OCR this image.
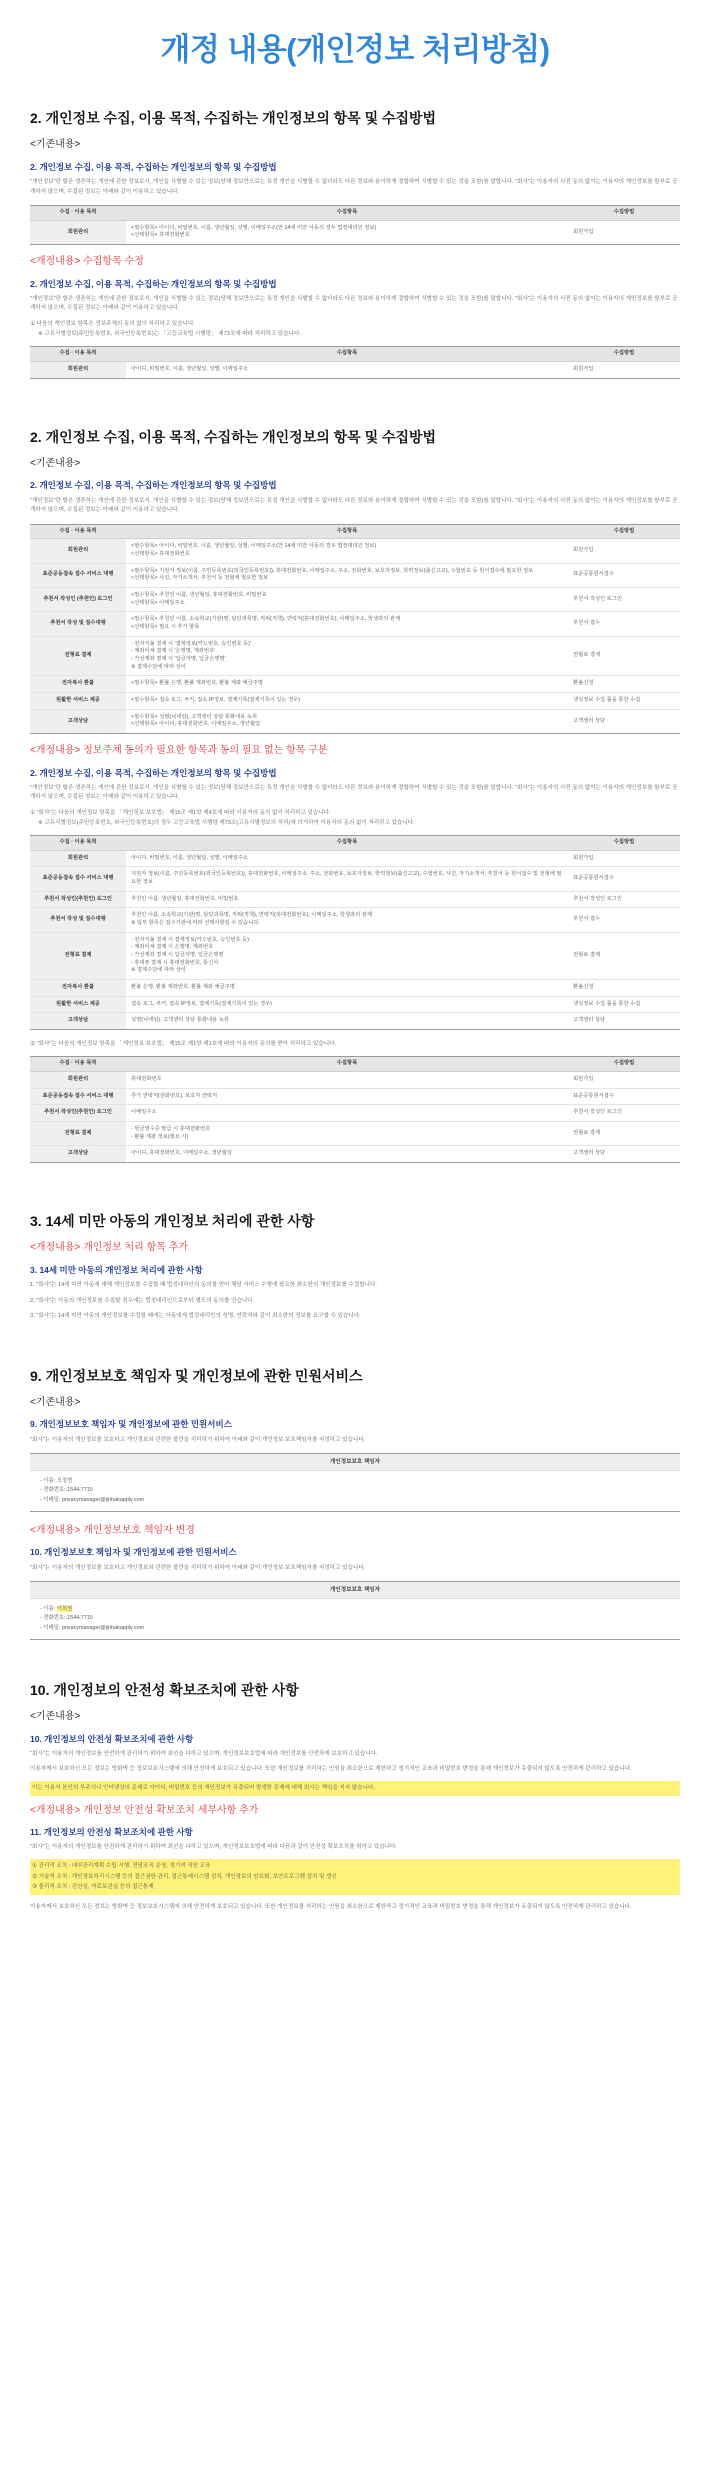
개정 내용(개인정보 처리방침)
2. 개인정보 수집, 이용 목적, 수집하는 개인정보의 항목 및 수집방법
<기존내용>
2. 개인정보 수집, 이용 목적, 수집하는 개인정보의 항목 및 수집방법
"개인정보"란 할은 생존하는 개인에 관한 정보로서, 개인을 식별할 수 있는 정보(당해 정보만으로는 특정 개인을 식별할 수 없더라도 다른 정보와 용이하게 결합하여 식별할 수 있는 것을 포함)를 말합니다. "회사"는 이용자의 사전 동의 없이는 이용자의 개인정보를 함부로 공개하지 않으며, 수집된 정보는 아래와 같이 이용하고 있습니다.
수집 · 이용 목적	수집항목	수집방법
회원관리	<필수항목> 아이디, 비밀번호, 이름, 생년월일, 성별, 이메일주소(만 14세 미만 아동의 경우 법정대리인 정보)
<선택항목> 휴대전화번호	회원가입
<개정내용> 수집항목 수정
2. 개인정보 수집, 이용 목적, 수집하는 개인정보의 항목 및 수집방법
"개인정보"란 할은 생존하는 개인에 관한 정보로서, 개인을 식별할 수 있는 정보(당해 정보만으로는 특정 개인을 식별할 수 없더라도 다른 정보와 용이하게 결합하여 식별할 수 있는 것을 포함)를 말합니다. "회사"는 이용자의 사전 동의 없이는 이용자의 개인정보를 함부로 공개하지 않으며, 수집된 정보는 아래와 같이 이용하고 있습니다.
① 다음의 개인정보 항목은 정보주체의 동의 없이 처리하고 있습니다.
※ 고유식별정보(주민등록번호, 외국인등록번호)는 「고등교육법 시행령」 제73조에 따라 처리하고 있습니다.
수집 · 이용 목적	수집항목	수집방법
회원관리	아이디, 비밀번호, 이름, 생년월일, 성별, 이메일주소	회원가입
2. 개인정보 수집, 이용 목적, 수집하는 개인정보의 항목 및 수집방법
<기존내용>
2. 개인정보 수집, 이용 목적, 수집하는 개인정보의 항목 및 수집방법
"개인정보"란 할은 생존하는 개인에 관한 정보로서, 개인을 식별할 수 있는 정보(당해 정보만으로는 특정 개인을 식별할 수 없더라도 다른 정보와 용이하게 결합하여 식별할 수 있는 것을 포함)를 말합니다. "회사"는 이용자의 사전 동의 없이는 이용자의 개인정보를 함부로 공개하지 않으며, 수집된 정보는 아래와 같이 이용하고 있습니다.
수집 · 이용 목적	수집항목	수집방법
회원관리	<필수항목> 아이디, 비밀번호, 이름, 생년월일, 성별, 이메일주소(만 14세 미만 아동의 경우 법정대리인 정보)
<선택항목> 휴대전화번호	회원가입
표준공동접속 접수 서비스 대행	<필수항목> 지원자 정보(이름, 주민등록번호(외국인등록번호)), 휴대전화번호, 이메일주소, 주소, 전화번호, 보호자정보, 학력정보(출신고교), 수험번호 등 원서접수에 필요한 정보
<선택항목> 사진, 자기소개서, 추천서 등 전형에 필요한 정보	표준공통원서접수
추천서 작성인 (추천인) 로그인	<필수항목> 추천인 이름, 생년월일, 휴대전화번호, 비밀번호
<선택항목> 이메일주소	추천서 작성인 로그인
추천서 작성 및 접수대행	<필수항목> 추천인 이름, 소속학교(기관)명, 담당과목명, 직위(직책), 연락처(휴대전화번호), 이메일주소, 학생과의 관계
<선택항목> 필요 시 추가 항목	추천서 접수
전형료 결제	- 전자지불 결제 시 '결제정보(카드번호, 승인번호 등)'
- 계좌이체 결제 시 '은행명, 계좌번호'
- 가상계좌 결제 시 '입금자명, 입금은행명'
※ 결제수단에 따라 상이	전형료 결제
전자복사 환불	<필수항목> 환불 은행, 환불 계좌번호, 환불 계좌 예금주명	환불신청
원활한 서비스 제공	<필수항목> 접속 로그, 쿠키, 접속 IP정보, 결제기록(결제기록이 있는 경우)	생성정보 수집 툴을 통한 수집
고객상담	<필수항목> 성명(닉네임), 고객센터 상담 통화내용 녹취
<선택항목> 아이디, 휴대전화번호, 이메일주소, 생년월일	고객센터 상담
<개정내용> 정보주체 동의가 필요한 항목과 동의 필요 없는 항목 구분
2. 개인정보 수집, 이용 목적, 수집하는 개인정보의 항목 및 수집방법
"개인정보"란 할은 생존하는 개인에 관한 정보로서, 개인을 식별할 수 있는 정보(당해 정보만으로는 특정 개인을 식별할 수 없더라도 다른 정보와 용이하게 결합하여 식별할 수 있는 것을 포함)를 말합니다. "회사"는 이용자의 사전 동의 없이는 이용자의 개인정보를 함부로 공개하지 않으며, 수집된 정보는 아래와 같이 이용하고 있습니다.
① "회사"는 다음의 개인정보 항목을 「개인정보 보호법」 제15조 제1항 제4호에 따라 이용자의 동의 없이 처리하고 있습니다.
※ 고유식별정보(주민등록번호, 외국인등록번호)의 경우 고등교육법 시행령 제73조(고유식별정보의 처리)에 의거하여 이용자의 동의 없이 처리하고 있습니다.
수집 · 이용 목적	수집항목	수집방법
회원관리	아이디, 비밀번호, 이름, 생년월일, 성별, 이메일주소	회원가입
표준공동접속 접수 서비스 대행	지원자 정보(이름, 주민등록번호(외국인등록번호)), 휴대전화번호, 이메일주소, 주소, 전화번호, 보호자정보, 학력정보(출신고교), 수험번호, 사진, 자기소개서, 추천서 등 원서접수 및 전형에 필요한 정보	표준공통원서접수
추천서 작성인(추천인) 로그인	추천인 이름, 생년월일, 휴대전화번호, 비밀번호	추천서 작성인 로그인
추천서 작성 및 접수대행	추천인 이름, 소속학교(기관)명, 담당과목명, 직위(직책), 연락처(휴대전화번호), 이메일주소, 학생과의 관계
※ 일부 항목은 접수기관에 따라 선택사항일 수 있습니다.	추천서 접수
전형료 결제	- 전자지불 결제 시 결제정보(카드번호, 승인번호 등)
- 계좌이체 결제 시 은행명, 계좌번호
- 가상계좌 결제 시 입금자명, 입금은행명
- 휴대폰 결제 시 휴대전화번호, 통신사
※ 결제수단에 따라 상이	전형료 결제
전자복사 환불	환불 은행, 환불 계좌번호, 환불 계좌 예금주명	환불신청
원활한 서비스 제공	접속 로그, 쿠키, 접속 IP정보, 결제기록(결제기록이 있는 경우)	생성정보 수집 툴을 통한 수집
고객상담	성명(닉네임), 고객센터 상담 통화내용 녹취	고객센터 상담
② "회사"는 다음의 개인정보 항목을 「개인정보 보호법」 제15조 제1항 제1호에 따라 이용자의 동의를 받아 처리하고 있습니다.
수집 · 이용 목적	수집항목	수집방법
회원관리	휴대전화번호	회원가입
표준공동접속 접수 서비스 대행	추가 연락처(전화번호), 보호자 연락처	표준공통원서접수
추천서 작성인(추천인) 로그인	이메일주소	추천서 작성인 로그인
전형료 결제	- 현금영수증 발급 시 휴대전화번호
- 환불 계좌 정보(필요 시)	전형료 결제
고객상담	아이디, 휴대전화번호, 이메일주소, 생년월일	고객센터 상담
3. 14세 미만 아동의 개인정보 처리에 관한 사항
<개정내용> 개인정보 처리 항목 추가
3. 14세 미만 아동의 개인정보 처리에 관한 사항
1. "회사"는 14세 미만 아동에 대해 개인정보를 수집할 때 법정대리인의 동의를 얻어 해당 서비스 수행에 필요한 최소한의 개인정보를 수집합니다.
2. "회사"는 아동의 개인정보를 수집할 경우에는 법정대리인으로부터 별도의 동의를 얻습니다.
3. "회사"는 14세 미만 아동의 개인정보를 수집할 때에는 아동에게 법정대리인의 성명, 연락처와 같이 최소한의 정보를 요구할 수 있습니다.
9. 개인정보보호 책임자 및 개인정보에 관한 민원서비스
<기존내용>
9. 개인정보보호 책임자 및 개인정보에 관한 민원서비스
"회사"는 이용자의 개인정보를 보호하고 개인정보와 관련한 불만을 처리하기 위하여 아래와 같이 개인정보 보호책임자를 지정하고 있습니다.
개인정보보호 책임자
- 이름: 오정현
- 전화번호: 1544-7715
- 이메일: privacymanager@jinhakapply.com
<개정내용> 개인정보보호 책임자 변경
10. 개인정보보호 책임자 및 개인정보에 관한 민원서비스
"회사"는 이용자의 개인정보를 보호하고 개인정보와 관련한 불만을 처리하기 위하여 아래와 같이 개인정보 보호책임자를 지정하고 있습니다.
개인정보보호 책임자
- 이름: 이희원
- 전화번호: 1544-7715
- 이메일: privacymanager@jinhakapply.com
10. 개인정보의 안전성 확보조치에 관한 사항
<기존내용>
10. 개인정보의 안전성 확보조치에 관한 사항
"회사"는 이용자의 개인정보를 안전하게 관리하기 위하여 최선을 다하고 있으며, 개인정보보호법에 따라 개인정보를 안전하게 보호하고 있습니다.
이용자께서 보호하신 모든 정보는 방화벽 등 정보보호시스템에 의해 안전하게 보호되고 있습니다. 또한 개인정보를 처리하는 인원을 최소한으로 제한하고 정기적인 교육과 비밀번호 변경을 통해 개인정보가 유출되지 않도록 안전하게 관리하고 있습니다.
이는 이용자 본인의 부주의나 인터넷상의 문제로 아이디, 비밀번호 등의 개인정보가 유출되어 발생한 문제에 대해 회사는 책임을 지지 않습니다.
<개정내용> 개인정보 안전성 확보조치 세부사항 추가
11. 개인정보의 안전성 확보조치에 관한 사항
"회사"는 이용자의 개인정보를 안전하게 관리하기 위하여 최선을 다하고 있으며, 개인정보보호법에 따라 다음과 같이 안전성 확보조치를 취하고 있습니다.
① 관리적 조치 : 내부관리계획 수립·시행, 전담조직 운영, 정기적 직원 교육
② 기술적 조치 : 개인정보처리시스템 등의 접근권한 관리, 접근통제시스템 설치, 개인정보의 암호화, 보안프로그램 설치 및 갱신
③ 물리적 조치 : 전산실, 자료보관실 등의 접근통제
이용자께서 보호하신 모든 정보는 방화벽 등 정보보호시스템에 의해 안전하게 보호되고 있습니다. 또한 개인정보를 처리하는 인원을 최소한으로 제한하고 정기적인 교육과 비밀번호 변경을 통해 개인정보가 유출되지 않도록 안전하게 관리하고 있습니다.
